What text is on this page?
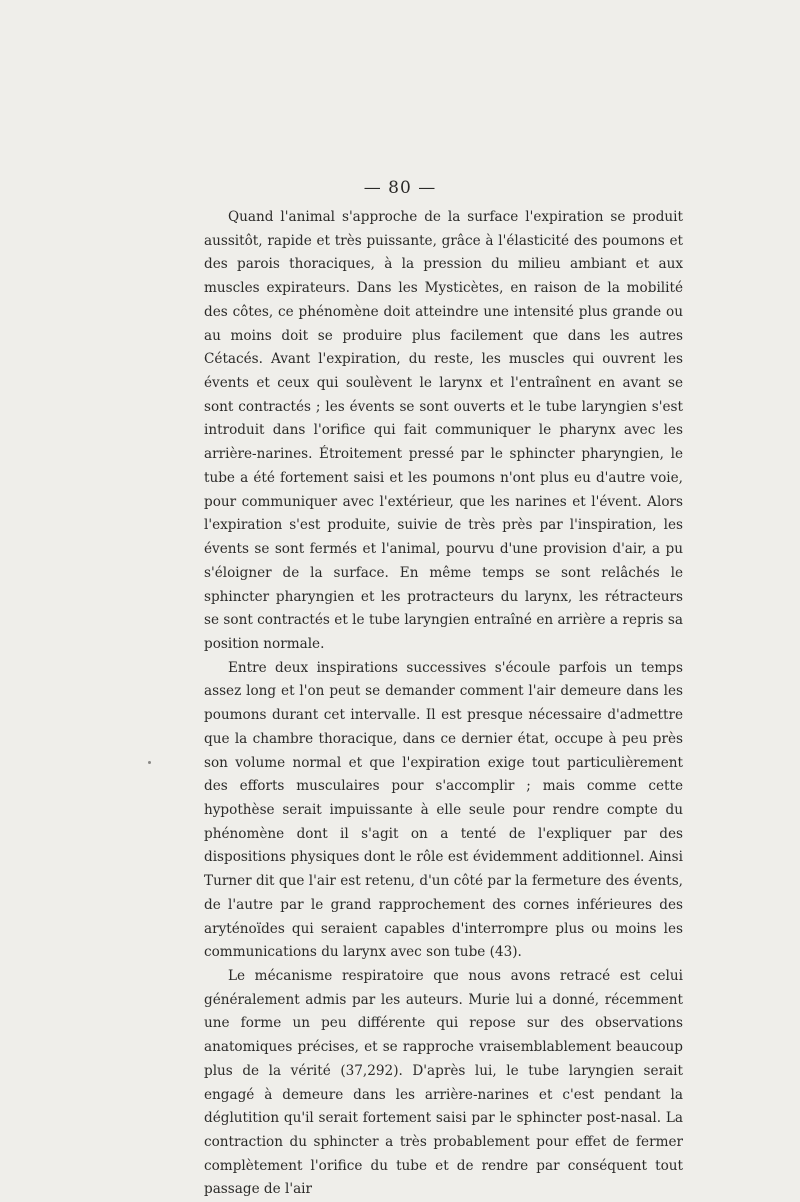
— 80 —

Quand l'animal s'approche de la surface l'expiration se produit aussitôt, rapide et très puissante, grâce à l'élasticité des poumons et des parois thoraciques, à la pression du milieu ambiant et aux muscles expirateurs. Dans les Mysticètes, en raison de la mobilité des côtes, ce phénomène doit atteindre une intensité plus grande ou au moins doit se produire plus facilement que dans les autres Cétacés. Avant l'expiration, du reste, les muscles qui ouvrent les évents et ceux qui soulèvent le larynx et l'entraînent en avant se sont contractés ; les évents se sont ouverts et le tube laryngien s'est introduit dans l'orifice qui fait communiquer le pharynx avec les arrière-narines. Étroitement pressé par le sphincter pharyngien, le tube a été fortement saisi et les poumons n'ont plus eu d'autre voie, pour communiquer avec l'extérieur, que les narines et l'évent. Alors l'expiration s'est produite, suivie de très près par l'inspiration, les évents se sont fermés et l'animal, pourvu d'une provision d'air, a pu s'éloigner de la surface. En même temps se sont relâchés le sphincter pharyngien et les protracteurs du larynx, les rétracteurs se sont contractés et le tube laryngien entraîné en arrière a repris sa position normale.

Entre deux inspirations successives s'écoule parfois un temps assez long et l'on peut se demander comment l'air demeure dans les poumons durant cet intervalle. Il est presque nécessaire d'admettre que la chambre thoracique, dans ce dernier état, occupe à peu près son volume normal et que l'expiration exige tout particulièrement des efforts musculaires pour s'accomplir ; mais comme cette hypothèse serait impuissante à elle seule pour rendre compte du phénomène dont il s'agit on a tenté de l'expliquer par des dispositions physiques dont le rôle est évidemment additionnel. Ainsi Turner dit que l'air est retenu, d'un côté par la fermeture des évents, de l'autre par le grand rapprochement des cornes inférieures des aryténoïdes qui seraient capables d'interrompre plus ou moins les communications du larynx avec son tube (43).

Le mécanisme respiratoire que nous avons retracé est celui généralement admis par les auteurs. Murie lui a donné, récemment une forme un peu différente qui repose sur des observations anatomiques précises, et se rapproche vraisemblablement beaucoup plus de la vérité (37,292). D'après lui, le tube laryngien serait engagé à demeure dans les arrière-narines et c'est pendant la déglutition qu'il serait fortement saisi par le sphincter post-nasal. La contraction du sphincter a très probablement pour effet de fermer complètement l'orifice du tube et de rendre par conséquent tout passage de l'air
